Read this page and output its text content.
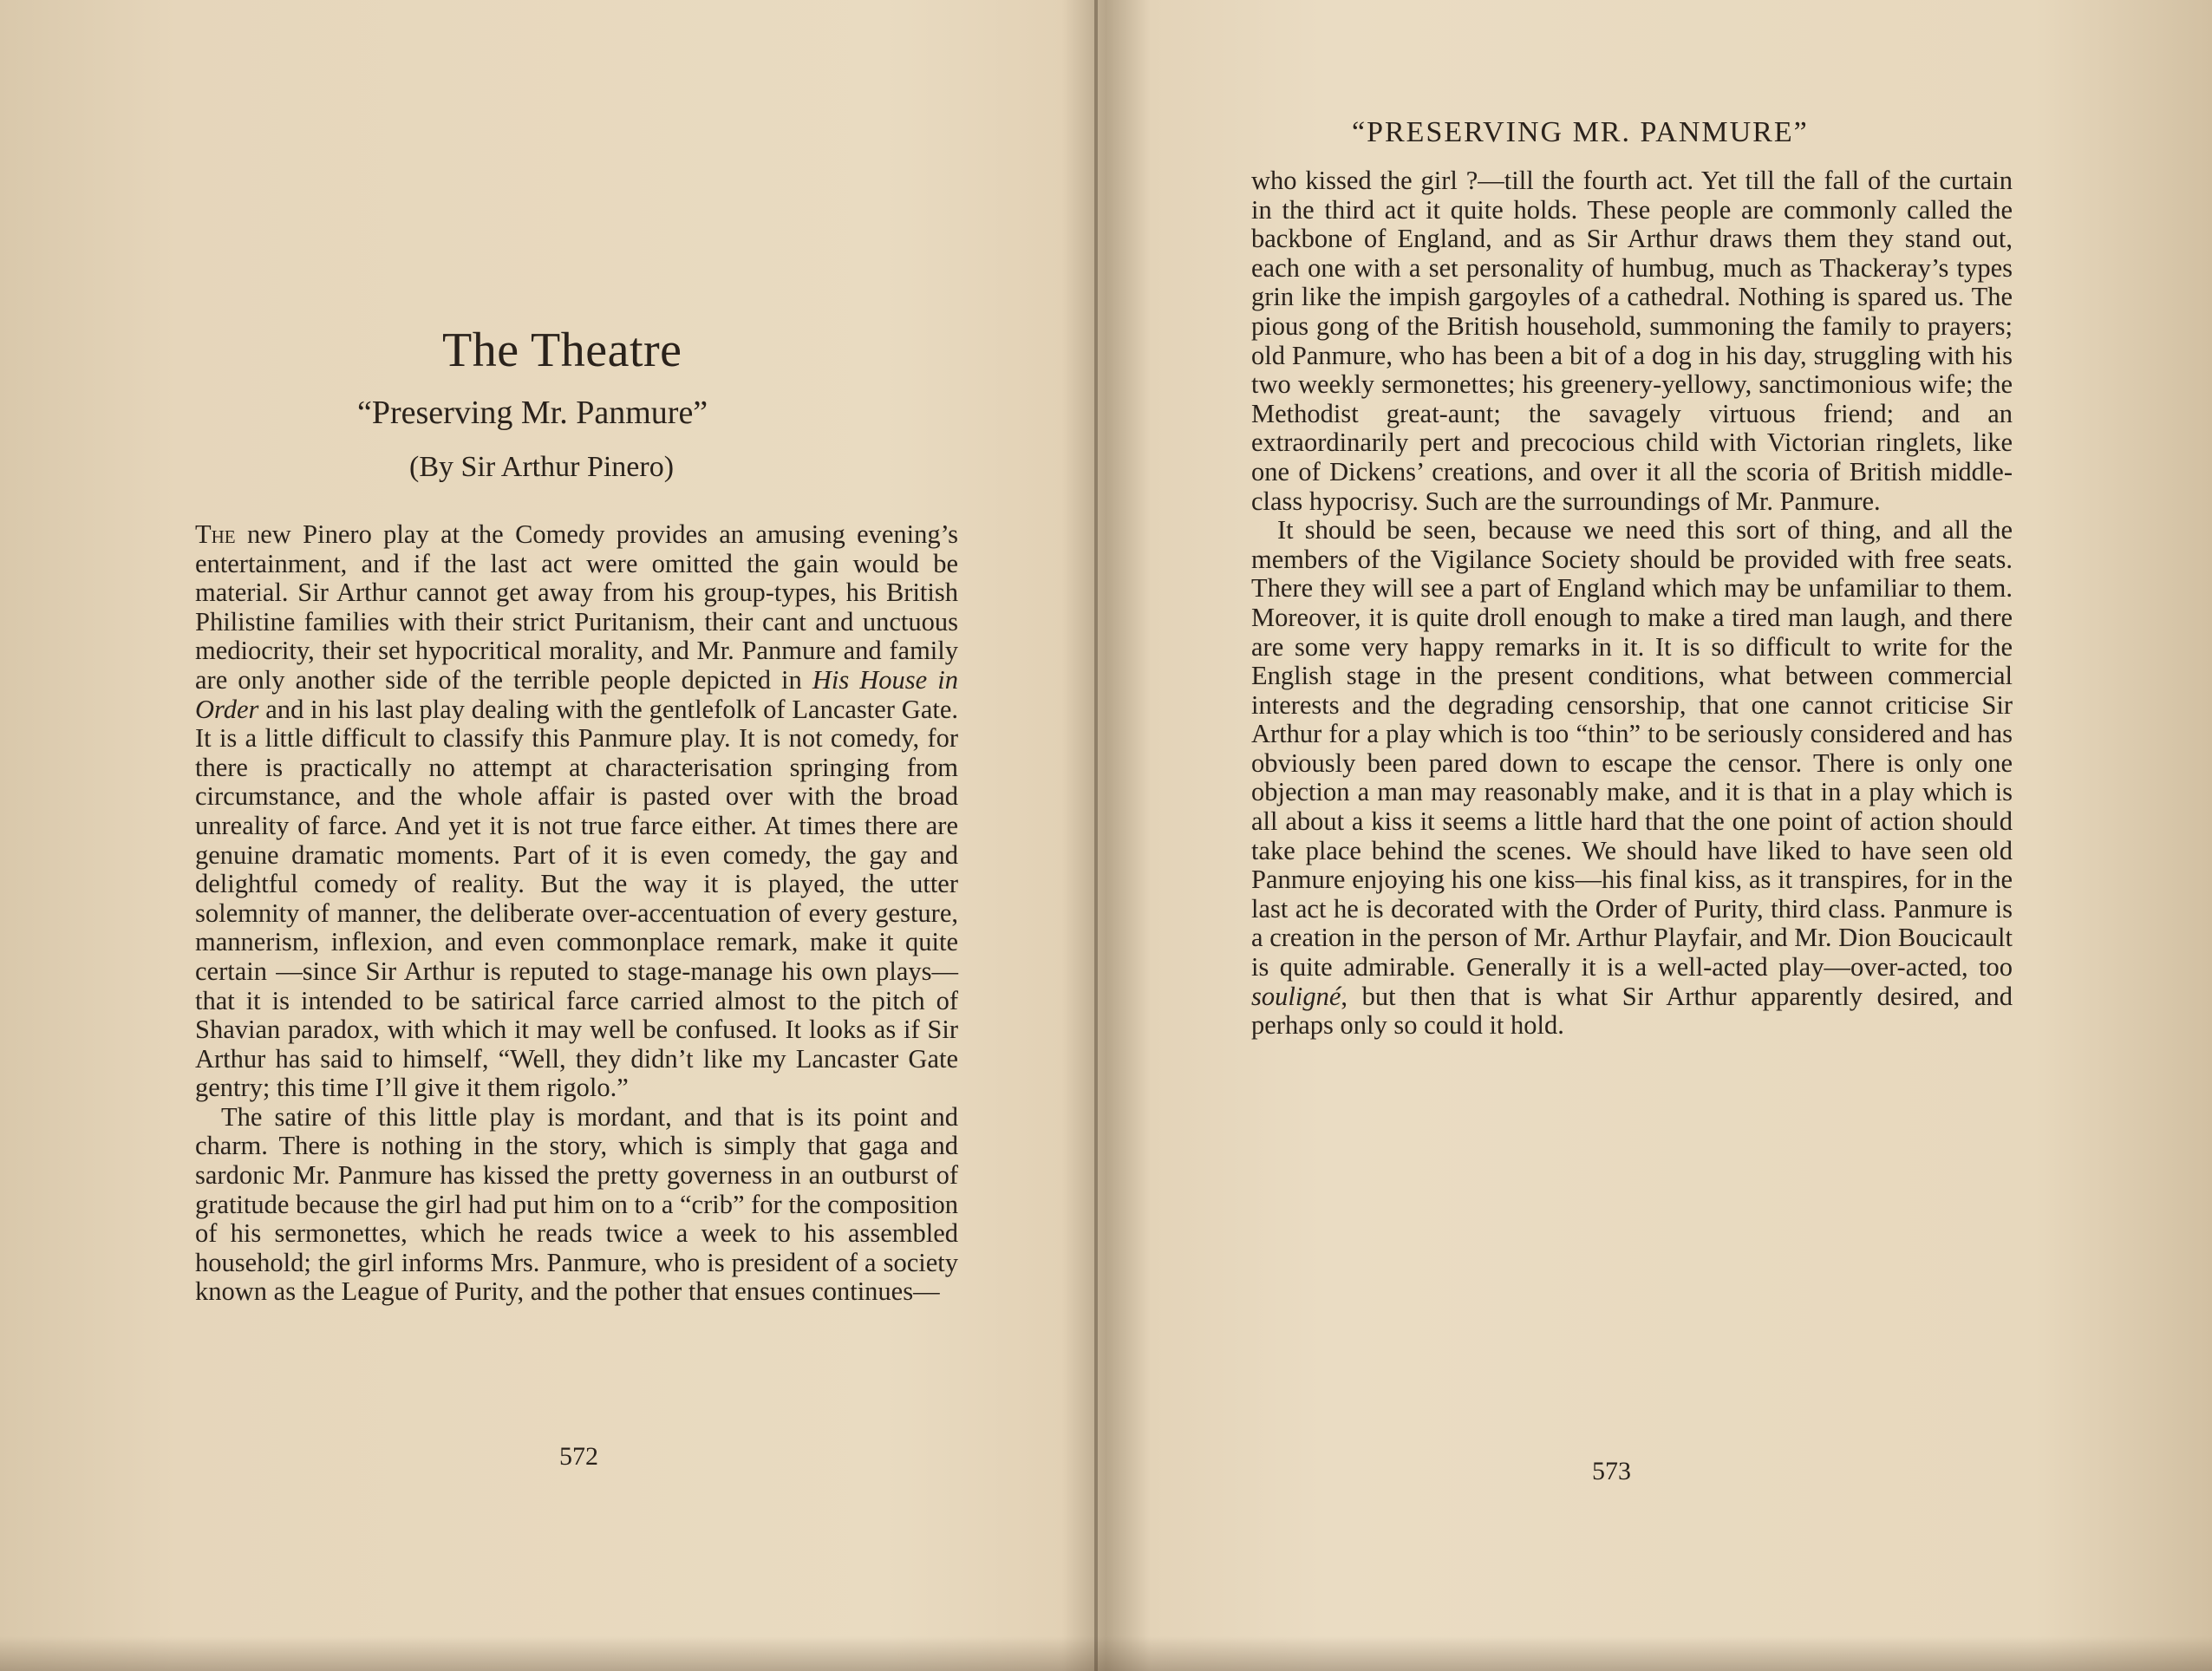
The Theatre
“Preserving Mr. Panmure”
(By Sir Arthur Pinero)

The new Pinero play at the Comedy provides an amusing evening’s entertainment, and if the last act were omitted the gain would be material. Sir Arthur cannot get away from his group-types, his British Philistine families with their strict Puritanism, their cant and unctuous mediocrity, their set hypocritical morality, and Mr. Panmure and family are only another side of the terrible people depicted in His House in Order and in his last play dealing with the gentlefolk of Lancaster Gate. It is a little difficult to classify this Panmure play. It is not comedy, for there is practically no attempt at characterisation springing from circumstance, and the whole affair is pasted over with the broad unreality of farce. And yet it is not true farce either. At times there are genuine dramatic moments. Part of it is even comedy, the gay and delightful comedy of reality. But the way it is played, the utter solemnity of manner, the deliberate over-accentuation of every gesture, mannerism, inflexion, and even commonplace remark, make it quite certain —since Sir Arthur is reputed to stage-manage his own plays—that it is intended to be satirical farce carried almost to the pitch of Shavian paradox, with which it may well be confused. It looks as if Sir Arthur has said to himself, “Well, they didn’t like my Lancaster Gate gentry; this time I’ll give it them rigolo.”

The satire of this little play is mordant, and that is its point and charm. There is nothing in the story, which is simply that gaga and sardonic Mr. Panmure has kissed the pretty governess in an outburst of gratitude because the girl had put him on to a “crib” for the composition of his sermonettes, which he reads twice a week to his assembled household; the girl informs Mrs. Panmure, who is president of a society known as the League of Purity, and the pother that ensues continues—

572
“PRESERVING MR. PANMURE”

who kissed the girl ?—till the fourth act. Yet till the fall of the curtain in the third act it quite holds. These people are commonly called the backbone of England, and as Sir Arthur draws them they stand out, each one with a set personality of humbug, much as Thackeray’s types grin like the impish gargoyles of a cathedral. Nothing is spared us. The pious gong of the British household, summoning the family to prayers; old Panmure, who has been a bit of a dog in his day, struggling with his two weekly sermonettes; his greenery-yellowy, sanctimonious wife; the Methodist great-aunt; the savagely virtuous friend; and an extraordinarily pert and precocious child with Victorian ringlets, like one of Dickens’ creations, and over it all the scoria of British middle-class hypocrisy. Such are the surroundings of Mr. Panmure.

It should be seen, because we need this sort of thing, and all the members of the Vigilance Society should be provided with free seats. There they will see a part of England which may be unfamiliar to them. Moreover, it is quite droll enough to make a tired man laugh, and there are some very happy remarks in it. It is so difficult to write for the English stage in the present conditions, what between commercial interests and the degrading censorship, that one cannot criticise Sir Arthur for a play which is too “thin” to be seriously considered and has obviously been pared down to escape the censor. There is only one objection a man may reasonably make, and it is that in a play which is all about a kiss it seems a little hard that the one point of action should take place behind the scenes. We should have liked to have seen old Panmure enjoying his one kiss—his final kiss, as it transpires, for in the last act he is decorated with the Order of Purity, third class. Panmure is a creation in the person of Mr. Arthur Playfair, and Mr. Dion Boucicault is quite admirable. Generally it is a well-acted play—over-acted, too souligné, but then that is what Sir Arthur apparently desired, and perhaps only so could it hold.

573
